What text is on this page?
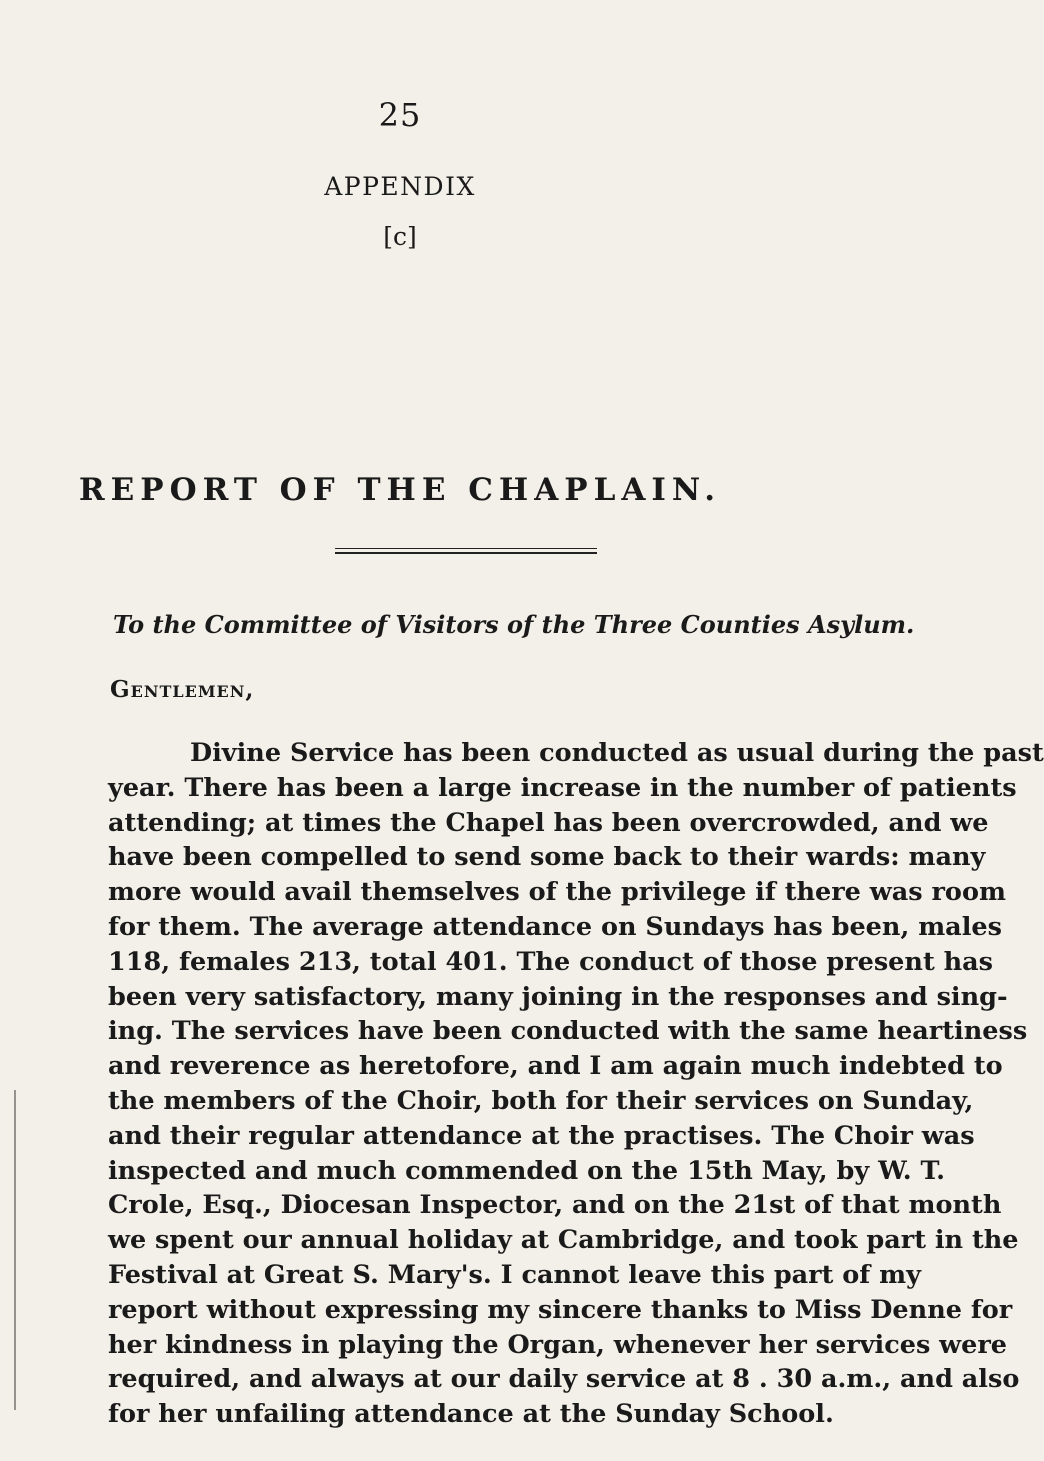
25
APPENDIX
[c]
REPORT OF THE CHAPLAIN.
To the Committee of Visitors of the Three Counties Asylum.
Gentlemen,
Divine Service has been conducted as usual during the past
year. There has been a large increase in the number of patients
attending; at times the Chapel has been overcrowded, and we
have been compelled to send some back to their wards: many
more would avail themselves of the privilege if there was room
for them. The average attendance on Sundays has been, males
118, females 213, total 401. The conduct of those present has
been very satisfactory, many joining in the responses and sing-
ing. The services have been conducted with the same heartiness
and reverence as heretofore, and I am again much indebted to
the members of the Choir, both for their services on Sunday,
and their regular attendance at the practises. The Choir was
inspected and much commended on the 15th May, by W. T.
Crole, Esq., Diocesan Inspector, and on the 21st of that month
we spent our annual holiday at Cambridge, and took part in the
Festival at Great S. Mary's. I cannot leave this part of my
report without expressing my sincere thanks to Miss Denne for
her kindness in playing the Organ, whenever her services were
required, and always at our daily service at 8 . 30 a.m., and also
for her unfailing attendance at the Sunday School.
